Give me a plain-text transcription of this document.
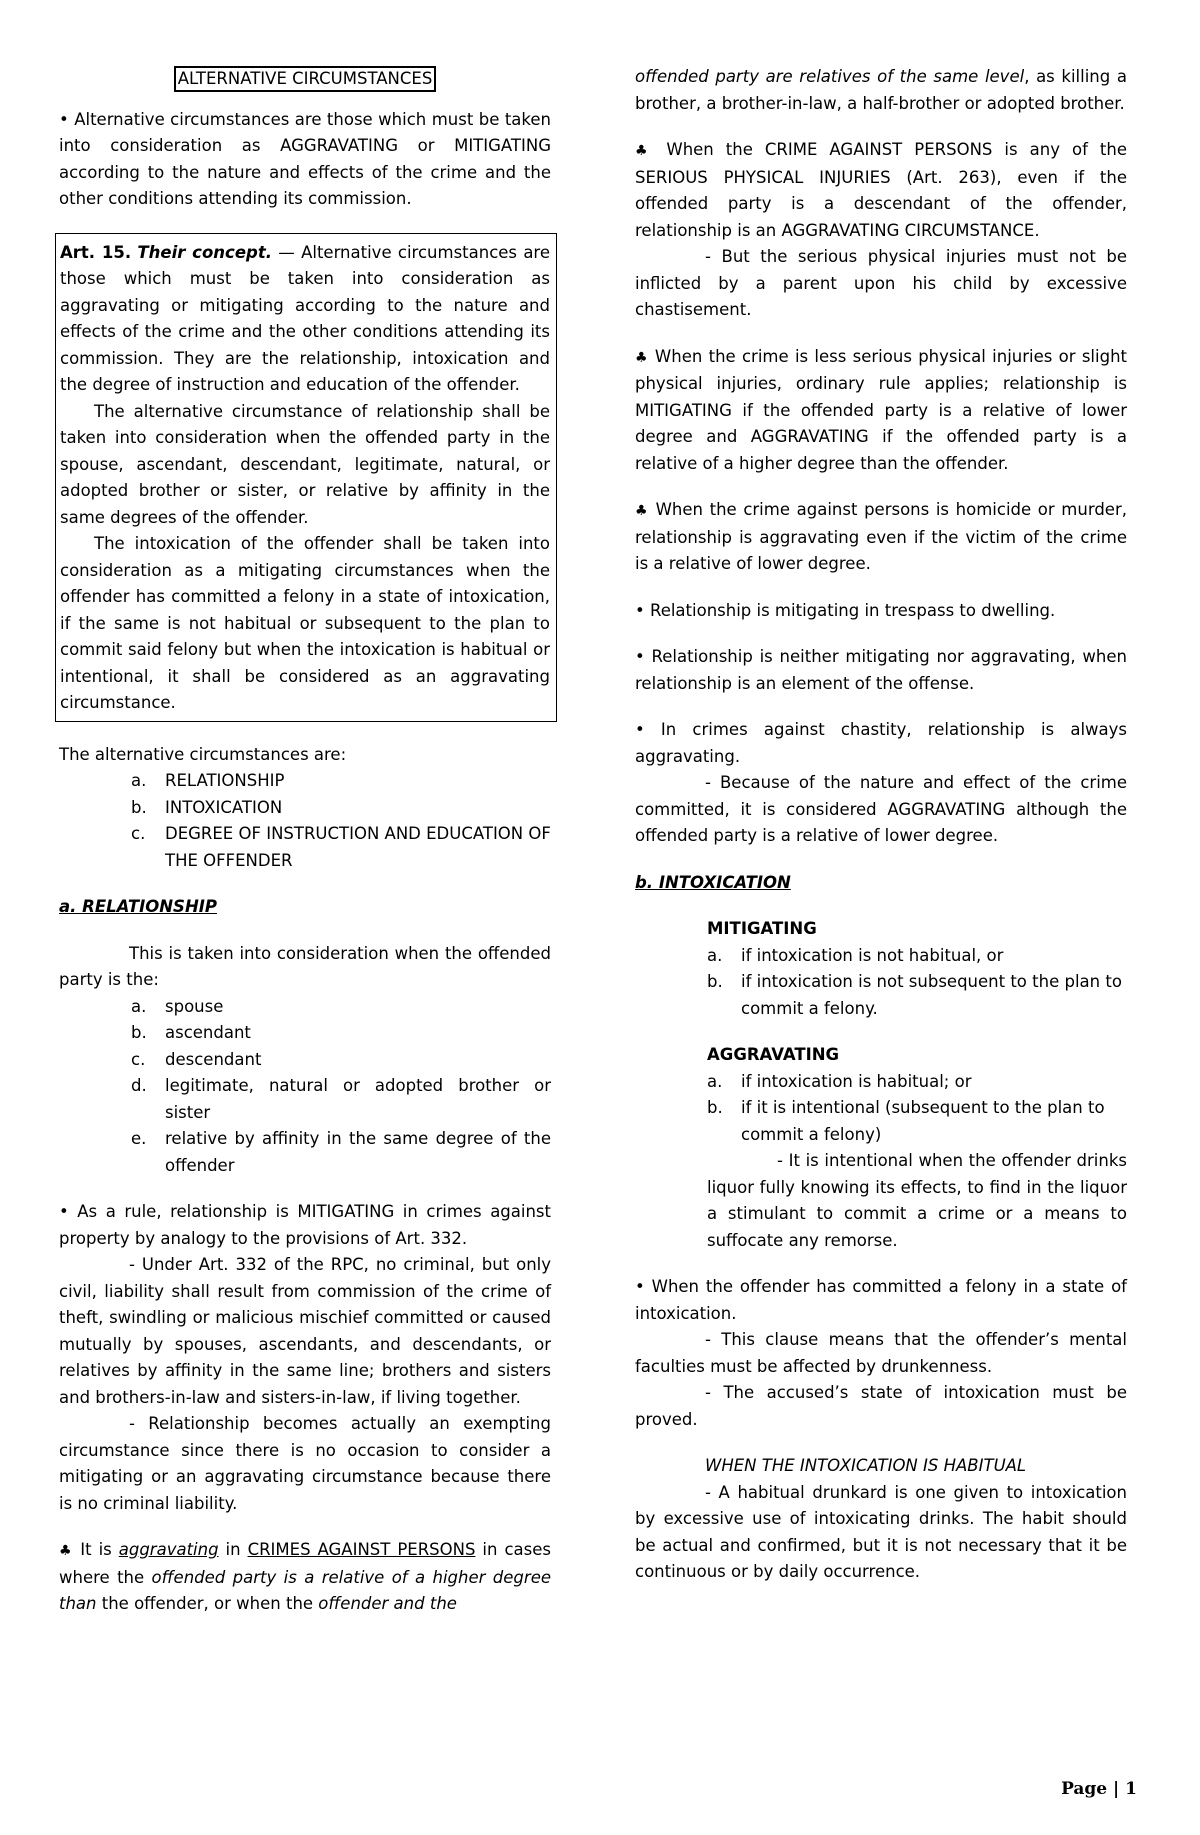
ALTERNATIVE CIRCUMSTANCES

• Alternative circumstances are those which must be taken into consideration as AGGRAVATING or MITIGATING according to the nature and effects of the crime and the other conditions attending its commission.

Art. 15. Their concept. — Alternative circumstances are those which must be taken into consideration as aggravating or mitigating according to the nature and effects of the crime and the other conditions attending its commission. They are the relationship, intoxication and the degree of instruction and education of the offender.

The alternative circumstance of relationship shall be taken into consideration when the offended party in the spouse, ascendant, descendant, legitimate, natural, or adopted brother or sister, or relative by affinity in the same degrees of the offender.

The intoxication of the offender shall be taken into consideration as a mitigating circumstances when the offender has committed a felony in a state of intoxication, if the same is not habitual or subsequent to the plan to commit said felony but when the intoxication is habitual or intentional, it shall be considered as an aggravating circumstance.

The alternative circumstances are:

a. RELATIONSHIP
b. INTOXICATION
c. DEGREE OF INSTRUCTION AND EDUCATION OF THE OFFENDER

a. RELATIONSHIP

This is taken into consideration when the offended party is the:

a. spouse
b. ascendant
c. descendant
d. legitimate, natural or adopted brother or sister
e. relative by affinity in the same degree of the offender

• As a rule, relationship is MITIGATING in crimes against property by analogy to the provisions of Art. 332.

- Under Art. 332 of the RPC, no criminal, but only civil, liability shall result from commission of the crime of theft, swindling or malicious mischief committed or caused mutually by spouses, ascendants, and descendants, or relatives by affinity in the same line; brothers and sisters and brothers-in-law and sisters-in-law, if living together.

- Relationship becomes actually an exempting circumstance since there is no occasion to consider a mitigating or an aggravating circumstance because there is no criminal liability.

♣ It is aggravating in CRIMES AGAINST PERSONS in cases where the offended party is a relative of a higher degree than the offender, or when the offender and the

offended party are relatives of the same level, as killing a brother, a brother-in-law, a half-brother or adopted brother.

♣ When the CRIME AGAINST PERSONS is any of the SERIOUS PHYSICAL INJURIES (Art. 263), even if the offended party is a descendant of the offender, relationship is an AGGRAVATING CIRCUMSTANCE.

- But the serious physical injuries must not be inflicted by a parent upon his child by excessive chastisement.

♣ When the crime is less serious physical injuries or slight physical injuries, ordinary rule applies; relationship is MITIGATING if the offended party is a relative of lower degree and AGGRAVATING if the offended party is a relative of a higher degree than the offender.

♣ When the crime against persons is homicide or murder, relationship is aggravating even if the victim of the crime is a relative of lower degree.

• Relationship is mitigating in trespass to dwelling.

• Relationship is neither mitigating nor aggravating, when relationship is an element of the offense.

• In crimes against chastity, relationship is always aggravating.

- Because of the nature and effect of the crime committed, it is considered AGGRAVATING although the offended party is a relative of lower degree.

b. INTOXICATION

MITIGATING

a. if intoxication is not habitual, or
b. if intoxication is not subsequent to the plan to commit a felony.

AGGRAVATING

a. if intoxication is habitual; or
b. if it is intentional (subsequent to the plan to commit a felony)

- It is intentional when the offender drinks liquor fully knowing its effects, to find in the liquor a stimulant to commit a crime or a means to suffocate any remorse.

• When the offender has committed a felony in a state of intoxication.

- This clause means that the offender’s mental faculties must be affected by drunkenness.

- The accused’s state of intoxication must be proved.

WHEN THE INTOXICATION IS HABITUAL

- A habitual drunkard is one given to intoxication by excessive use of intoxicating drinks. The habit should be actual and confirmed, but it is not necessary that it be continuous or by daily occurrence.

Page | 1
